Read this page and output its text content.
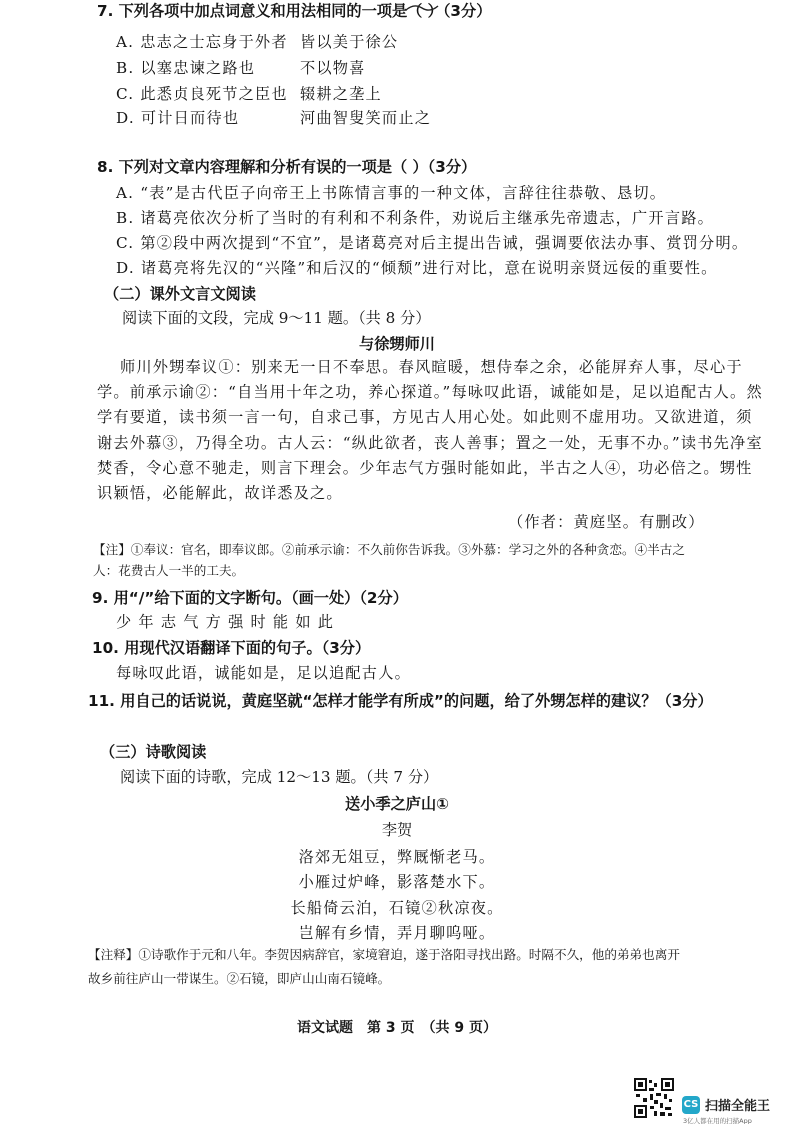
7. 下列各项中加点词意义和用法相同的一项是（ ）（3分）
A. 忠志之士忘身于外者 皆以美于徐公
B. 以塞忠谏之路也	不以物喜
C. 此悉贞良死节之臣也 辍耕之垄上
D. 可计日而待也	河曲智叟笑而止之
8. 下列对文章内容理解和分析有误的一项是（ ）（3分）
A. “表”是古代臣子向帝王上书陈情言事的一种文体，言辞往往恭敬、恳切。
B. 诸葛亮依次分析了当时的有利和不利条件，劝说后主继承先帝遗志，广开言路。
C. 第②段中两次提到“不宜”，是诸葛亮对后主提出告诫，强调要依法办事、赏罚分明。
D. 诸葛亮将先汉的“兴隆”和后汉的“倾颓”进行对比，意在说明亲贤远佞的重要性。
（二）课外文言文阅读
阅读下面的文段，完成 9～11 题。（共 8 分）
与徐甥师川
师川外甥奉议①：别来无一日不奉思。春风暄暖，想侍奉之余，必能屏弃人事，尽心于
学。前承示谕②：“自当用十年之功，养心探道。”每咏叹此语，诚能如是，足以追配古人。然
学有要道，读书须一言一句，自求己事，方见古人用心处。如此则不虚用功。又欲进道，须
谢去外慕③，乃得全功。古人云：“纵此欲者，丧人善事；置之一处，无事不办。”读书先净室
焚香，令心意不驰走，则言下理会。少年志气方强时能如此，半古之人④，功必倍之。甥性
识颖悟，必能解此，故详悉及之。
（作者：黄庭坚。有删改）
【注】①奉议：官名，即奉议郎。②前承示谕：不久前你告诉我。③外慕：学习之外的各种贪恋。④半古之
人：花费古人一半的工夫。
9. 用“/”给下面的文字断句。（画一处）（2分）
少 年 志 气 方 强 时 能 如 此
10. 用现代汉语翻译下面的句子。（3分）
每咏叹此语，诚能如是，足以追配古人。
11. 用自己的话说说，黄庭坚就“怎样才能学有所成”的问题，给了外甥怎样的建议？（3分）
（三）诗歌阅读
阅读下面的诗歌，完成 12～13 题。（共 7 分）
送小季之庐山①
李贺
洛郊无俎豆，弊厩惭老马。
小雁过炉峰，影落楚水下。
长船倚云泊，石镜②秋凉夜。
岂解有乡情，弄月聊呜哑。
【注释】①诗歌作于元和八年。李贺因病辞官，家境窘迫，遂于洛阳寻找出路。时隔不久，他的弟弟也离开
故乡前往庐山一带谋生。②石镜，即庐山山南石镜峰。
语文试题　第 3 页　（共 9 页）
CS 扫描全能王
3亿人都在用的扫描App
